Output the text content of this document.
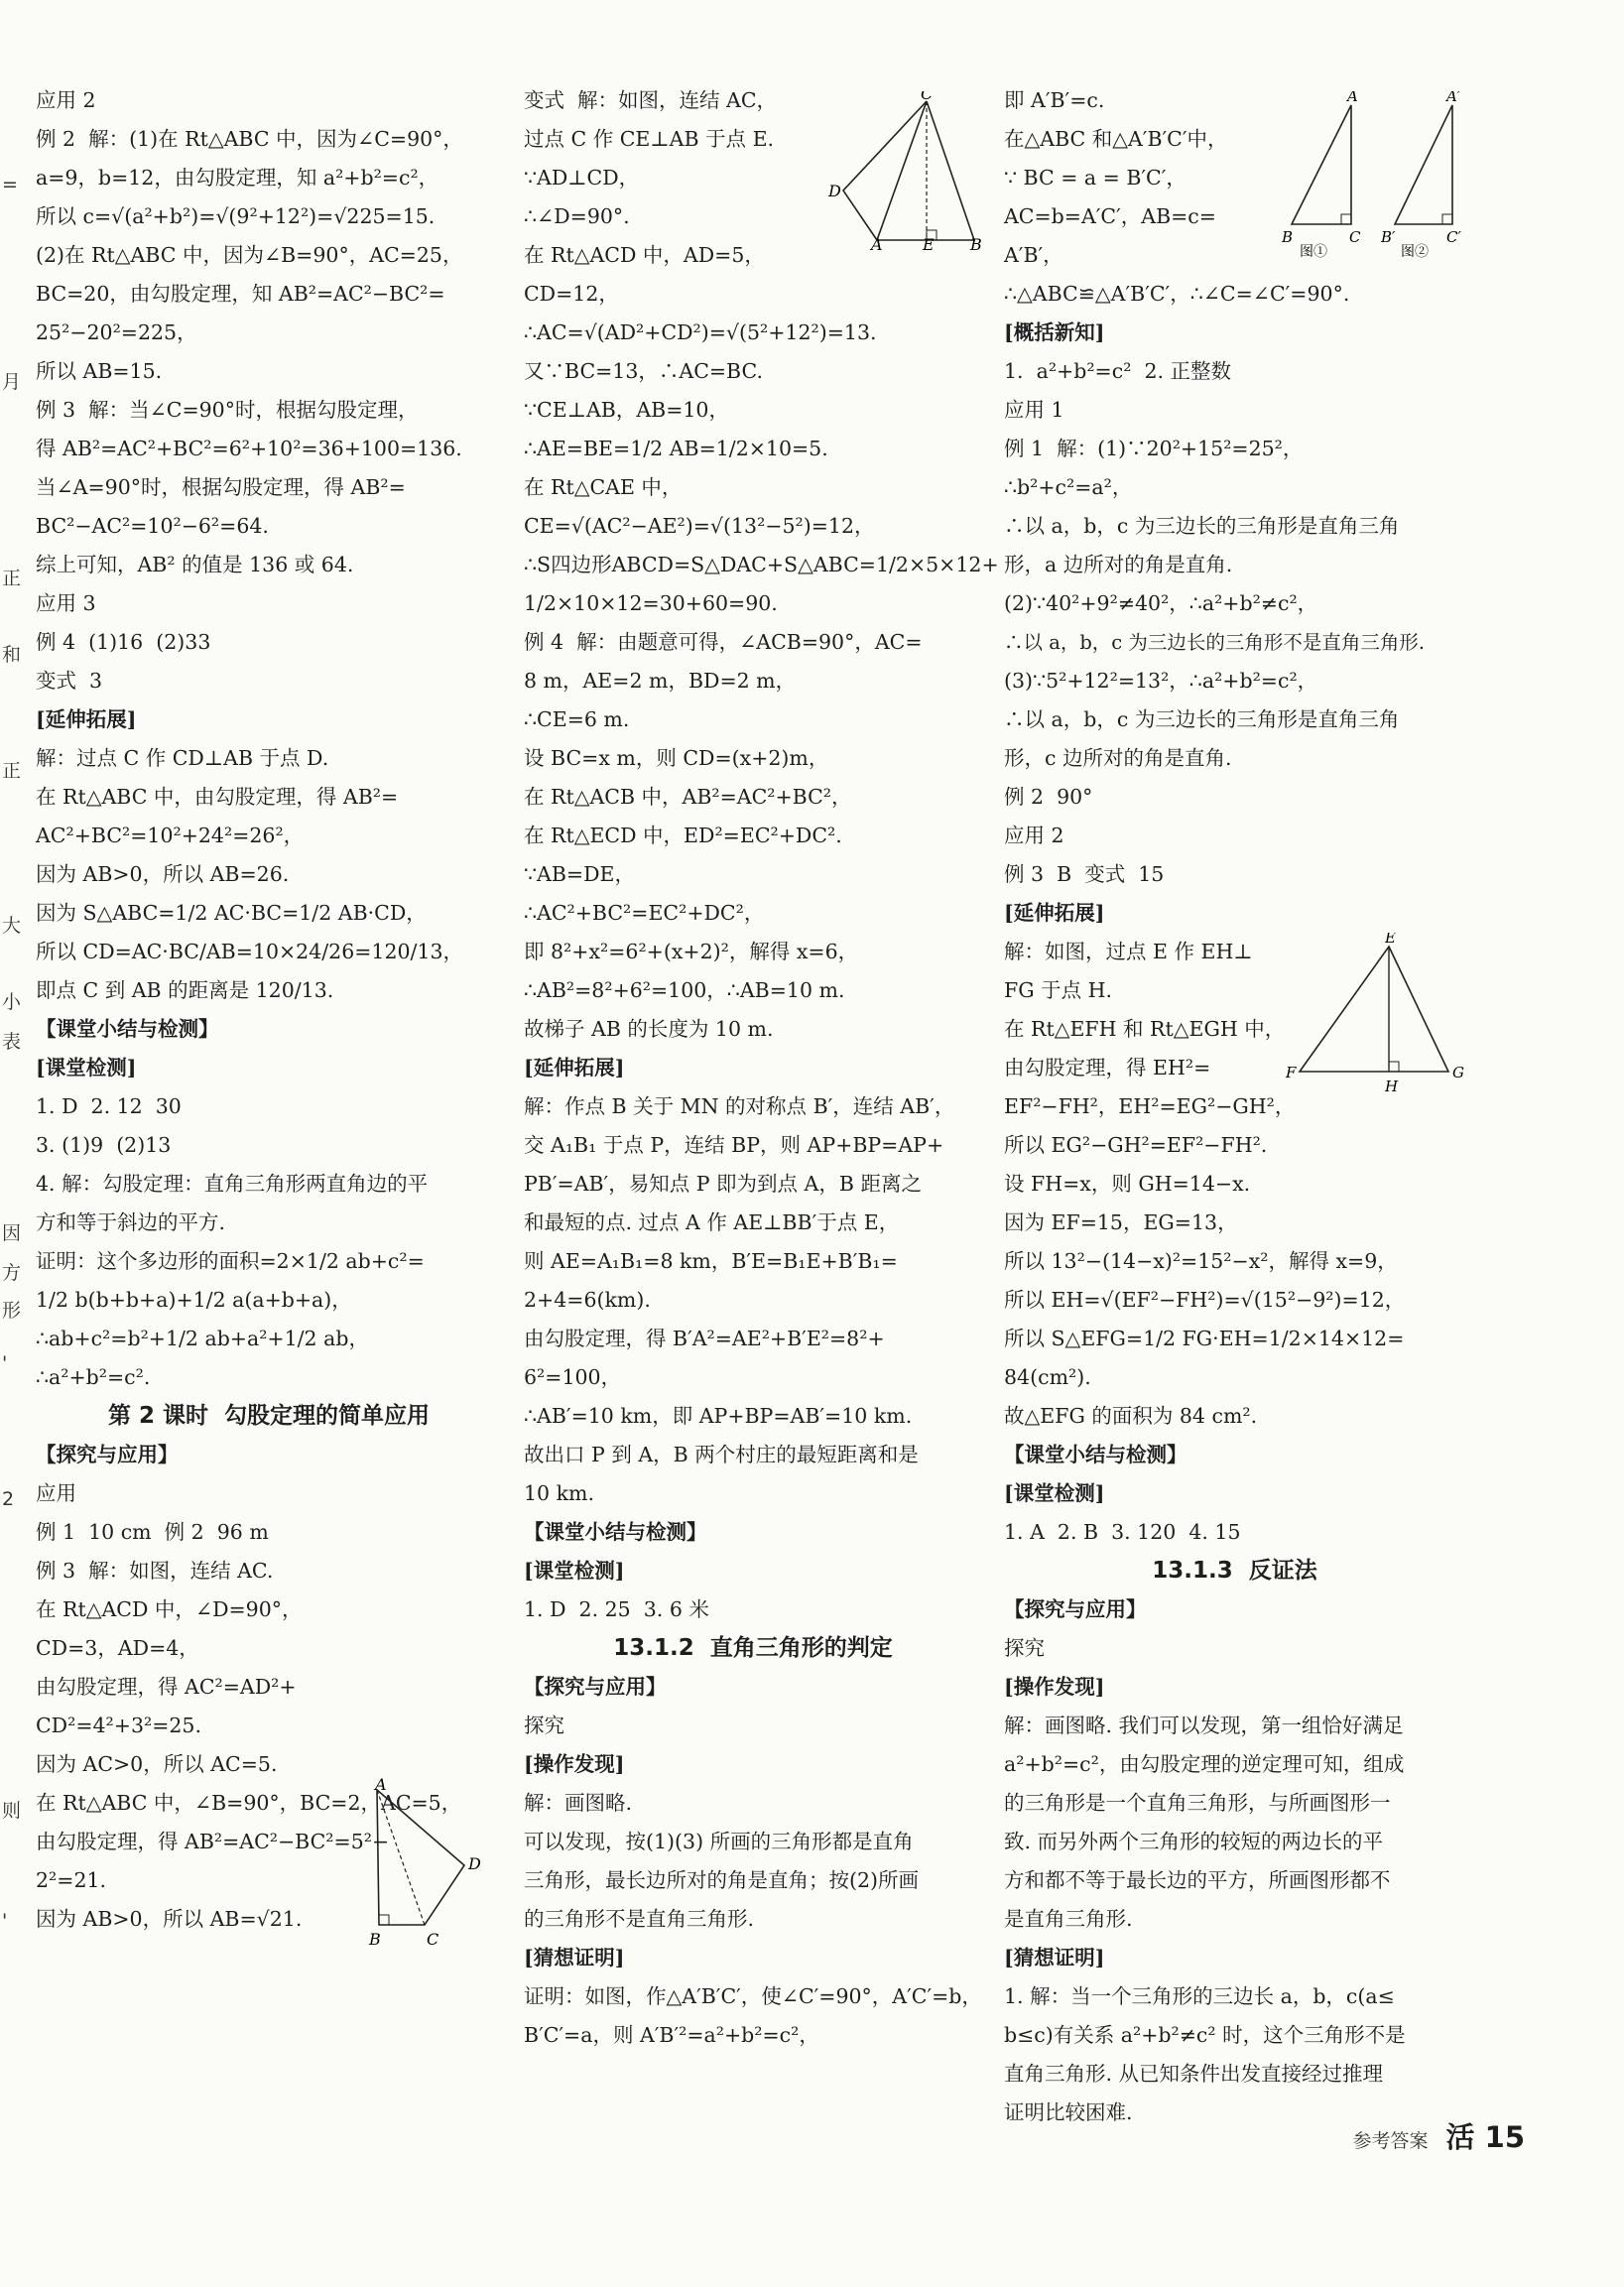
=
月
正
和
正
大
小
表
因
方
形
'
2
则
'
应用 2
例 2  解：(1)在 Rt△ABC 中，因为∠C=90°，
a=9，b=12，由勾股定理，知 a²+b²=c²，
所以 c=√(a²+b²)=√(9²+12²)=√225=15.
(2)在 Rt△ABC 中，因为∠B=90°，AC=25，
BC=20，由勾股定理，知 AB²=AC²−BC²=
25²−20²=225，
所以 AB=15.
例 3  解：当∠C=90°时，根据勾股定理，
得 AB²=AC²+BC²=6²+10²=36+100=136.
当∠A=90°时，根据勾股定理，得 AB²=
BC²−AC²=10²−6²=64.
综上可知，AB² 的值是 136 或 64.
应用 3
例 4  (1)16  (2)33
变式  3
[延伸拓展]
解：过点 C 作 CD⊥AB 于点 D.
在 Rt△ABC 中，由勾股定理，得 AB²=
AC²+BC²=10²+24²=26²，
因为 AB>0，所以 AB=26.
因为 S△ABC=1/2 AC·BC=1/2 AB·CD，
所以 CD=AC·BC/AB=10×24/26=120/13，
即点 C 到 AB 的距离是 120/13.
【课堂小结与检测】
[课堂检测]
1. D  2. 12  30
3. (1)9  (2)13
4. 解：勾股定理：直角三角形两直角边的平
方和等于斜边的平方.
证明：这个多边形的面积=2×1/2 ab+c²=
1/2 b(b+b+a)+1/2 a(a+b+a)，
∴ab+c²=b²+1/2 ab+a²+1/2 ab，
∴a²+b²=c².
第 2 课时  勾股定理的简单应用
【探究与应用】
应用
例 1  10 cm  例 2  96 m
例 3  解：如图，连结 AC.
在 Rt△ACD 中，∠D=90°，
CD=3，AD=4，
由勾股定理，得 AC²=AD²+
CD²=4²+3²=25.
因为 AC>0，所以 AC=5.
在 Rt△ABC 中，∠B=90°，BC=2，AC=5，
由勾股定理，得 AB²=AC²−BC²=5²−
2²=21.
因为 AB>0，所以 AB=√21.
变式  解：如图，连结 AC，
过点 C 作 CE⊥AB 于点 E.
∵AD⊥CD，
∴∠D=90°.
在 Rt△ACD 中，AD=5，
CD=12，
∴AC=√(AD²+CD²)=√(5²+12²)=13.
又∵BC=13，∴AC=BC.
∵CE⊥AB，AB=10，
∴AE=BE=1/2 AB=1/2×10=5.
在 Rt△CAE 中，
CE=√(AC²−AE²)=√(13²−5²)=12，
∴S四边形ABCD=S△DAC+S△ABC=1/2×5×12+
1/2×10×12=30+60=90.
例 4  解：由题意可得，∠ACB=90°，AC=
8 m，AE=2 m，BD=2 m，
∴CE=6 m.
设 BC=x m，则 CD=(x+2)m，
在 Rt△ACB 中，AB²=AC²+BC²，
在 Rt△ECD 中，ED²=EC²+DC².
∵AB=DE，
∴AC²+BC²=EC²+DC²，
即 8²+x²=6²+(x+2)²，解得 x=6，
∴AB²=8²+6²=100，∴AB=10 m.
故梯子 AB 的长度为 10 m.
[延伸拓展]
解：作点 B 关于 MN 的对称点 B′，连结 AB′，
交 A₁B₁ 于点 P，连结 BP，则 AP+BP=AP+
PB′=AB′，易知点 P 即为到点 A，B 距离之
和最短的点. 过点 A 作 AE⊥BB′于点 E，
则 AE=A₁B₁=8 km，B′E=B₁E+B′B₁=
2+4=6(km).
由勾股定理，得 B′A²=AE²+B′E²=8²+
6²=100，
∴AB′=10 km，即 AP+BP=AB′=10 km.
故出口 P 到 A，B 两个村庄的最短距离和是
10 km.
【课堂小结与检测】
[课堂检测]
1. D  2. 25  3. 6 米
13.1.2  直角三角形的判定
【探究与应用】
探究
[操作发现]
解：画图略.
可以发现，按(1)(3) 所画的三角形都是直角
三角形，最长边所对的角是直角；按(2)所画
的三角形不是直角三角形.
[猜想证明]
证明：如图，作△A′B′C′，使∠C′=90°，A′C′=b，
B′C′=a，则 A′B′²=a²+b²=c²，
即 A′B′=c.
在△ABC 和△A′B′C′中，
∵ BC = a = B′C′，
AC=b=A′C′，AB=c=
A′B′，
∴△ABC≌△A′B′C′，∴∠C=∠C′=90°.
[概括新知]
1.  a²+b²=c²  2. 正整数
应用 1
例 1  解：(1)∵20²+15²=25²，
∴b²+c²=a²，
∴以 a，b，c 为三边长的三角形是直角三角
形，a 边所对的角是直角.
(2)∵40²+9²≠40²，∴a²+b²≠c²，
∴以 a，b，c 为三边长的三角形不是直角三角形.
(3)∵5²+12²=13²，∴a²+b²=c²，
∴以 a，b，c 为三边长的三角形是直角三角
形，c 边所对的角是直角.
例 2  90°
应用 2
例 3  B  变式  15
[延伸拓展]
解：如图，过点 E 作 EH⊥
FG 于点 H.
在 Rt△EFH 和 Rt△EGH 中，
由勾股定理，得 EH²=
EF²−FH²，EH²=EG²−GH²，
所以 EG²−GH²=EF²−FH².
设 FH=x，则 GH=14−x.
因为 EF=15，EG=13，
所以 13²−(14−x)²=15²−x²，解得 x=9，
所以 EH=√(EF²−FH²)=√(15²−9²)=12，
所以 S△EFG=1/2 FG·EH=1/2×14×12=
84(cm²).
故△EFG 的面积为 84 cm².
【课堂小结与检测】
[课堂检测]
1. A  2. B  3. 120  4. 15
13.1.3  反证法
【探究与应用】
探究
[操作发现]
解：画图略. 我们可以发现，第一组恰好满足
a²+b²=c²，由勾股定理的逆定理可知，组成
的三角形是一个直角三角形，与所画图形一
致. 而另外两个三角形的较短的两边长的平
方和都不等于最长边的平方，所画图形都不
是直角三角形.
[猜想证明]
1. 解：当一个三角形的三边长 a，b，c(a≤
b≤c)有关系 a²+b²≠c² 时，这个三角形不是
直角三角形. 从已知条件出发直接经过推理
证明比较困难.
C
D
A	E B
A
D
B	C
A
B	C
图①
A′
B′	C′
图②
E
F
H
G
参考答案 活 15
